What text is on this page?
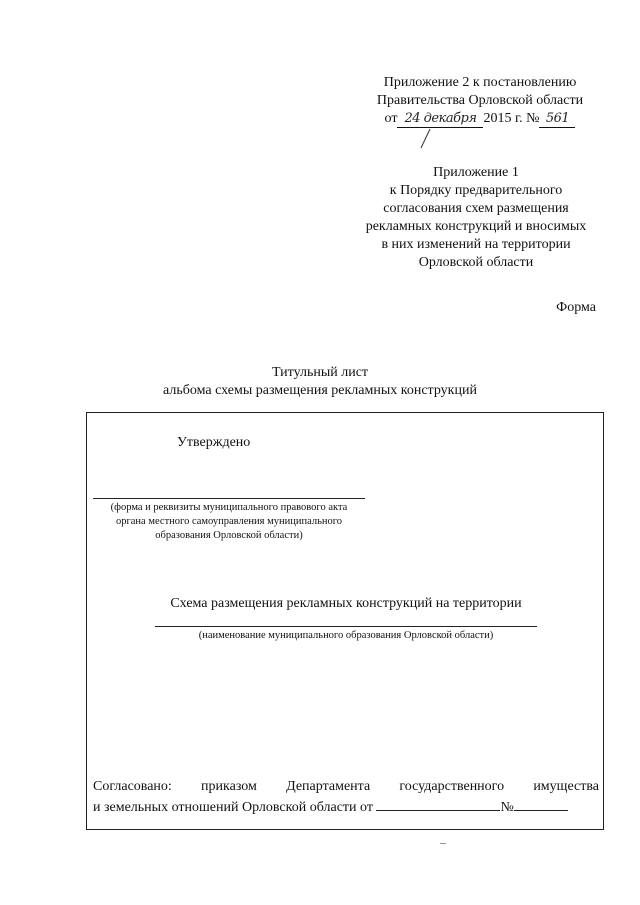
Приложение 2 к постановлению
Правительства Орловской области
от 24 декабря 2015 г. № 561
Приложение 1
к Порядку предварительного
согласования схем размещения
рекламных конструкций и вносимых
в них изменений на территории
Орловской области
Форма
Титульный лист
альбома схемы размещения рекламных конструкций
Утверждено
(форма и реквизиты муниципального правового акта
органа местного самоуправления муниципального
образования Орловской области)
Схема размещения рекламных конструкций на территории
(наименование муниципального образования Орловской области)
Согласовано: приказом Департамента государственного имущества
и земельных отношений Орловской области от	№
